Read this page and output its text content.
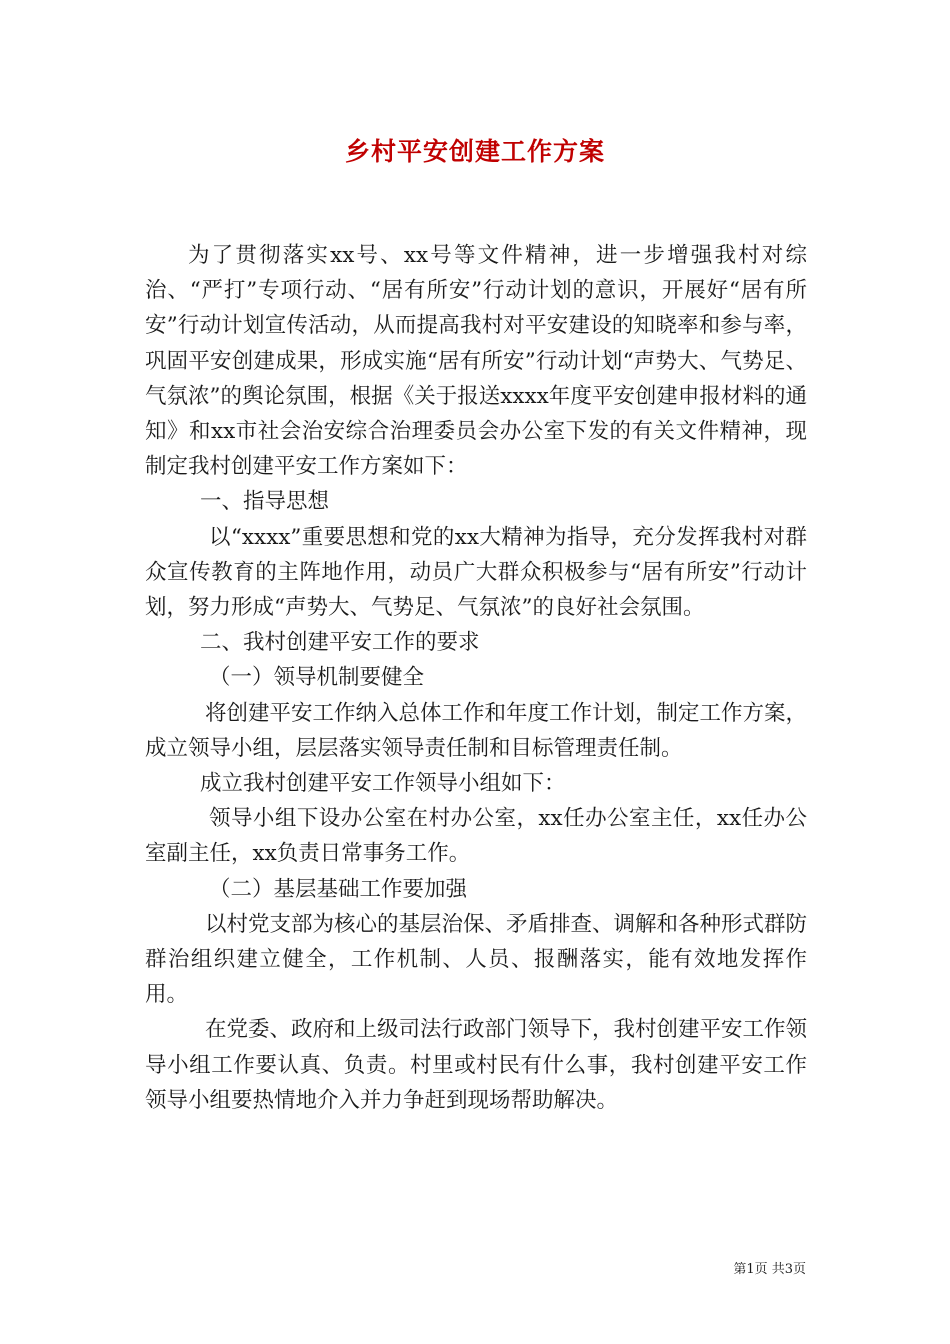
乡村平安创建工作方案

为了贯彻落实xx号、xx号等文件精神，进一步增强我村对综治、“严打”专项行动、“居有所安”行动计划的意识，开展好“居有所安”行动计划宣传活动，从而提高我村对平安建设的知晓率和参与率，巩固平安创建成果，形成实施“居有所安”行动计划“声势大、气势足、气氛浓”的舆论氛围，根据《关于报送xxxx年度平安创建申报材料的通知》和xx市社会治安综合治理委员会办公室下发的有关文件精神，现制定我村创建平安工作方案如下：

一、指导思想

以“xxxx”重要思想和党的xx大精神为指导，充分发挥我村对群众宣传教育的主阵地作用，动员广大群众积极参与“居有所安”行动计划，努力形成“声势大、气势足、气氛浓”的良好社会氛围。

二、我村创建平安工作的要求

（一）领导机制要健全

将创建平安工作纳入总体工作和年度工作计划，制定工作方案，成立领导小组，层层落实领导责任制和目标管理责任制。

成立我村创建平安工作领导小组如下：

领导小组下设办公室在村办公室，xx任办公室主任，xx任办公室副主任，xx负责日常事务工作。

（二）基层基础工作要加强

以村党支部为核心的基层治保、矛盾排查、调解和各种形式群防群治组织建立健全，工作机制、人员、报酬落实，能有效地发挥作用。

在党委、政府和上级司法行政部门领导下，我村创建平安工作领导小组工作要认真、负责。村里或村民有什么事，我村创建平安工作领导小组要热情地介入并力争赶到现场帮助解决。

第1页 共3页
